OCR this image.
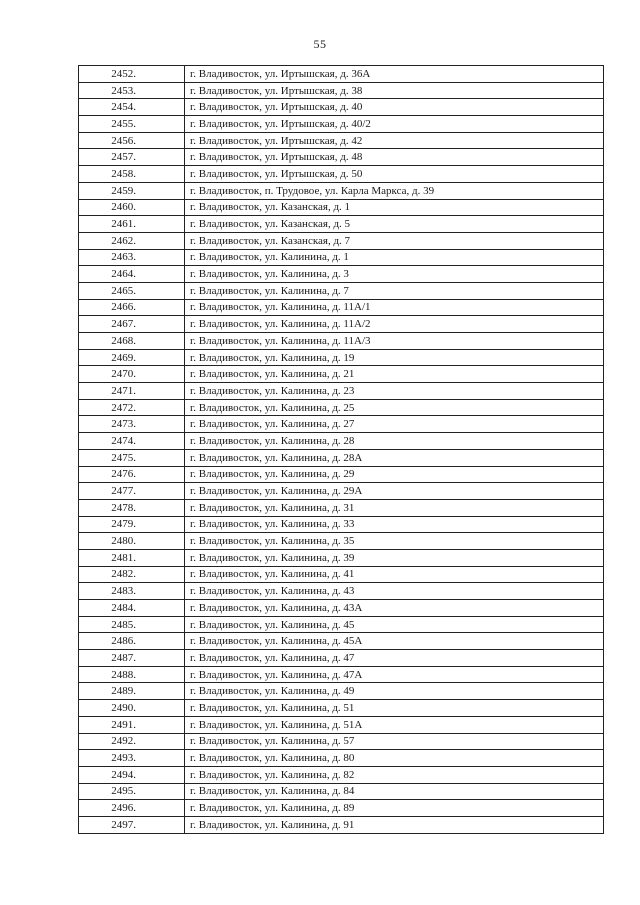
55
2452.	г. Владивосток, ул. Иртышская, д. 36А
2453.	г. Владивосток, ул. Иртышская, д. 38
2454.	г. Владивосток, ул. Иртышская, д. 40
2455.	г. Владивосток, ул. Иртышская, д. 40/2
2456.	г. Владивосток, ул. Иртышская, д. 42
2457.	г. Владивосток, ул. Иртышская, д. 48
2458.	г. Владивосток, ул. Иртышская, д. 50
2459.	г. Владивосток, п. Трудовое, ул. Карла Маркса, д. 39
2460.	г. Владивосток, ул. Казанская, д. 1
2461.	г. Владивосток, ул. Казанская, д. 5
2462.	г. Владивосток, ул. Казанская, д. 7
2463.	г. Владивосток, ул. Калинина, д. 1
2464.	г. Владивосток, ул. Калинина, д. 3
2465.	г. Владивосток, ул. Калинина, д. 7
2466.	г. Владивосток, ул. Калинина, д. 11А/1
2467.	г. Владивосток, ул. Калинина, д. 11А/2
2468.	г. Владивосток, ул. Калинина, д. 11А/3
2469.	г. Владивосток, ул. Калинина, д. 19
2470.	г. Владивосток, ул. Калинина, д. 21
2471.	г. Владивосток, ул. Калинина, д. 23
2472.	г. Владивосток, ул. Калинина, д. 25
2473.	г. Владивосток, ул. Калинина, д. 27
2474.	г. Владивосток, ул. Калинина, д. 28
2475.	г. Владивосток, ул. Калинина, д. 28А
2476.	г. Владивосток, ул. Калинина, д. 29
2477.	г. Владивосток, ул. Калинина, д. 29А
2478.	г. Владивосток, ул. Калинина, д. 31
2479.	г. Владивосток, ул. Калинина, д. 33
2480.	г. Владивосток, ул. Калинина, д. 35
2481.	г. Владивосток, ул. Калинина, д. 39
2482.	г. Владивосток, ул. Калинина, д. 41
2483.	г. Владивосток, ул. Калинина, д. 43
2484.	г. Владивосток, ул. Калинина, д. 43А
2485.	г. Владивосток, ул. Калинина, д. 45
2486.	г. Владивосток, ул. Калинина, д. 45А
2487.	г. Владивосток, ул. Калинина, д. 47
2488.	г. Владивосток, ул. Калинина, д. 47А
2489.	г. Владивосток, ул. Калинина, д. 49
2490.	г. Владивосток, ул. Калинина, д. 51
2491.	г. Владивосток, ул. Калинина, д. 51А
2492.	г. Владивосток, ул. Калинина, д. 57
2493.	г. Владивосток, ул. Калинина, д. 80
2494.	г. Владивосток, ул. Калинина, д. 82
2495.	г. Владивосток, ул. Калинина, д. 84
2496.	г. Владивосток, ул. Калинина, д. 89
2497.	г. Владивосток, ул. Калинина, д. 91
